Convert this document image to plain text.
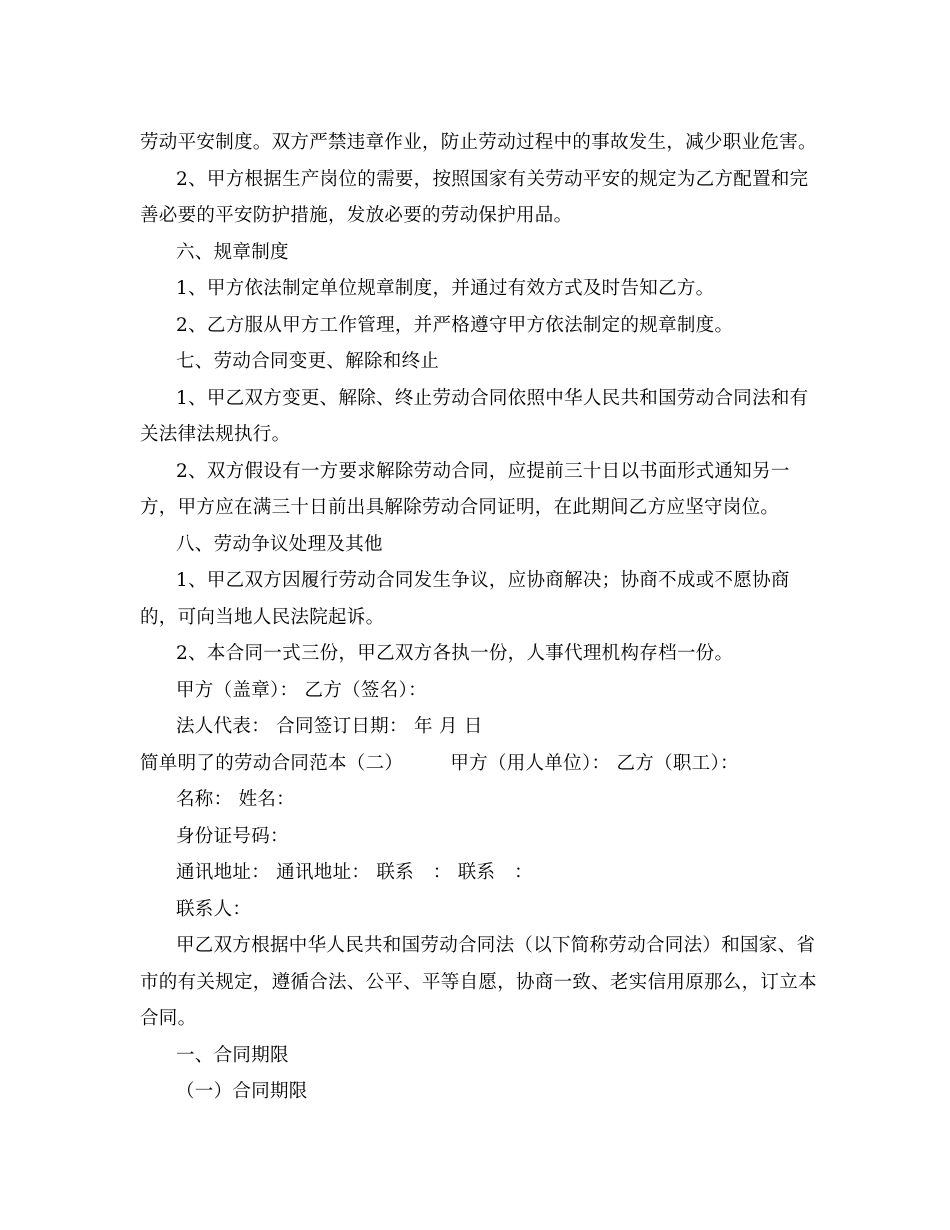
劳动平安制度。双方严禁违章作业，防止劳动过程中的事故发生，减少职业危害。
2、甲方根据生产岗位的需要，按照国家有关劳动平安的规定为乙方配置和完
善必要的平安防护措施，发放必要的劳动保护用品。
六、规章制度
1、甲方依法制定单位规章制度，并通过有效方式及时告知乙方。
2、乙方服从甲方工作管理，并严格遵守甲方依法制定的规章制度。
七、劳动合同变更、解除和终止
1、甲乙双方变更、解除、终止劳动合同依照中华人民共和国劳动合同法和有
关法律法规执行。
2、双方假设有一方要求解除劳动合同，应提前三十日以书面形式通知另一
方，甲方应在满三十日前出具解除劳动合同证明，在此期间乙方应坚守岗位。
八、劳动争议处理及其他
1、甲乙双方因履行劳动合同发生争议，应协商解决；协商不成或不愿协商
的，可向当地人民法院起诉。
2、本合同一式三份，甲乙双方各执一份，人事代理机构存档一份。
甲方（盖章）： 乙方（签名）：
法人代表： 合同签订日期： 年 月 日
简单明了的劳动合同范本（二）　　　甲方（用人单位）： 乙方（职工）：
名称： 姓名：
身份证号码：
通讯地址： 通讯地址： 联系　： 联系　：
联系人：
甲乙双方根据中华人民共和国劳动合同法（以下简称劳动合同法）和国家、省
市的有关规定，遵循合法、公平、平等自愿，协商一致、老实信用原那么，订立本
合同。
一、合同期限
（一）合同期限
